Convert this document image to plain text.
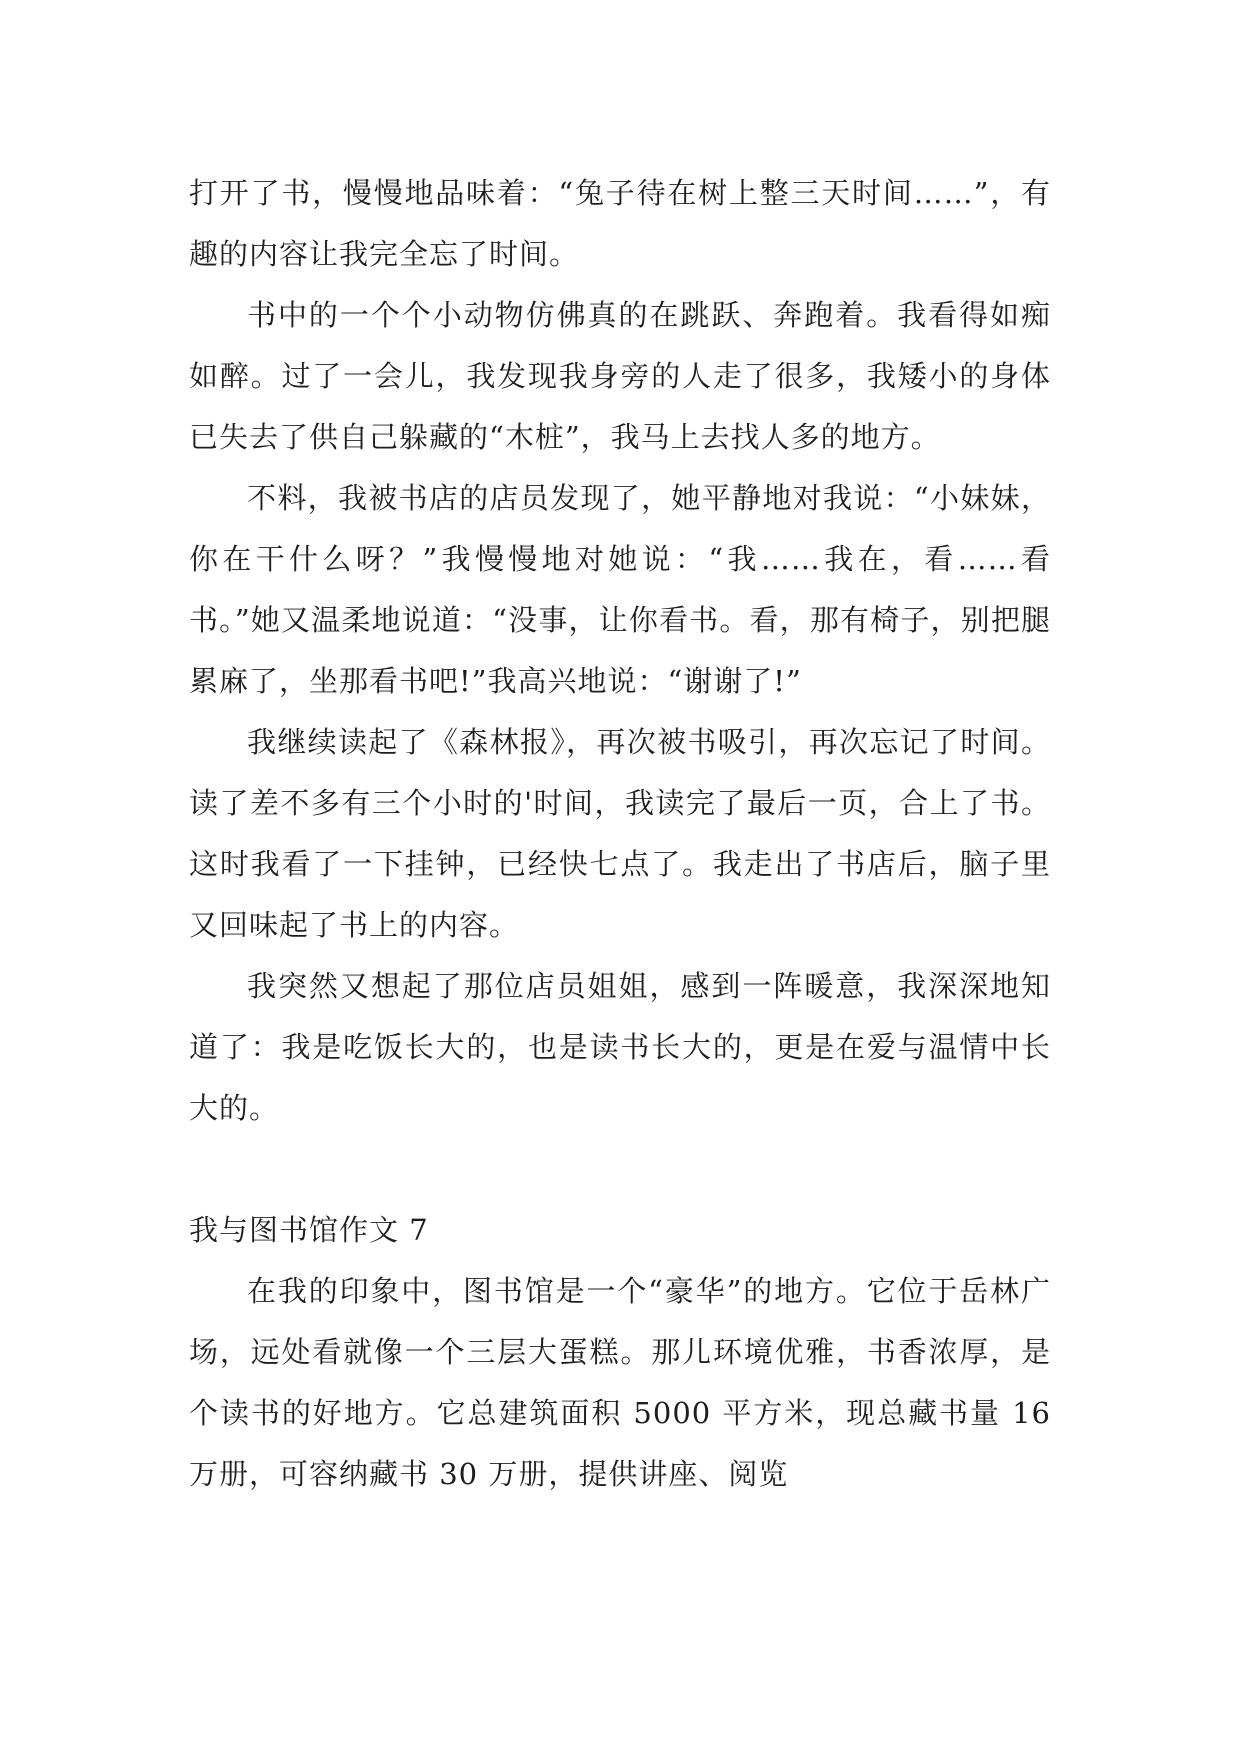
打开了书，慢慢地品味着：“兔子待在树上整三天时间……”，有趣的内容让我完全忘了时间。

书中的一个个小动物仿佛真的在跳跃、奔跑着。我看得如痴如醉。过了一会儿，我发现我身旁的人走了很多，我矮小的身体已失去了供自己躲藏的“木桩”，我马上去找人多的地方。

不料，我被书店的店员发现了，她平静地对我说：“小妹妹，你在干什么呀？”我慢慢地对她说：“我……我在，看……看书。”她又温柔地说道：“没事，让你看书。看，那有椅子，别把腿累麻了，坐那看书吧!”我高兴地说：“谢谢了!”

我继续读起了《森林报》，再次被书吸引，再次忘记了时间。读了差不多有三个小时的'时间，我读完了最后一页，合上了书。这时我看了一下挂钟，已经快七点了。我走出了书店后，脑子里又回味起了书上的内容。

我突然又想起了那位店员姐姐，感到一阵暖意，我深深地知道了：我是吃饭长大的，也是读书长大的，更是在爱与温情中长大的。

我与图书馆作文 7

在我的印象中，图书馆是一个“豪华”的地方。它位于岳林广场，远处看就像一个三层大蛋糕。那儿环境优雅，书香浓厚，是个读书的好地方。它总建筑面积 5000 平方米，现总藏书量 16 万册，可容纳藏书 30 万册，提供讲座、阅览
